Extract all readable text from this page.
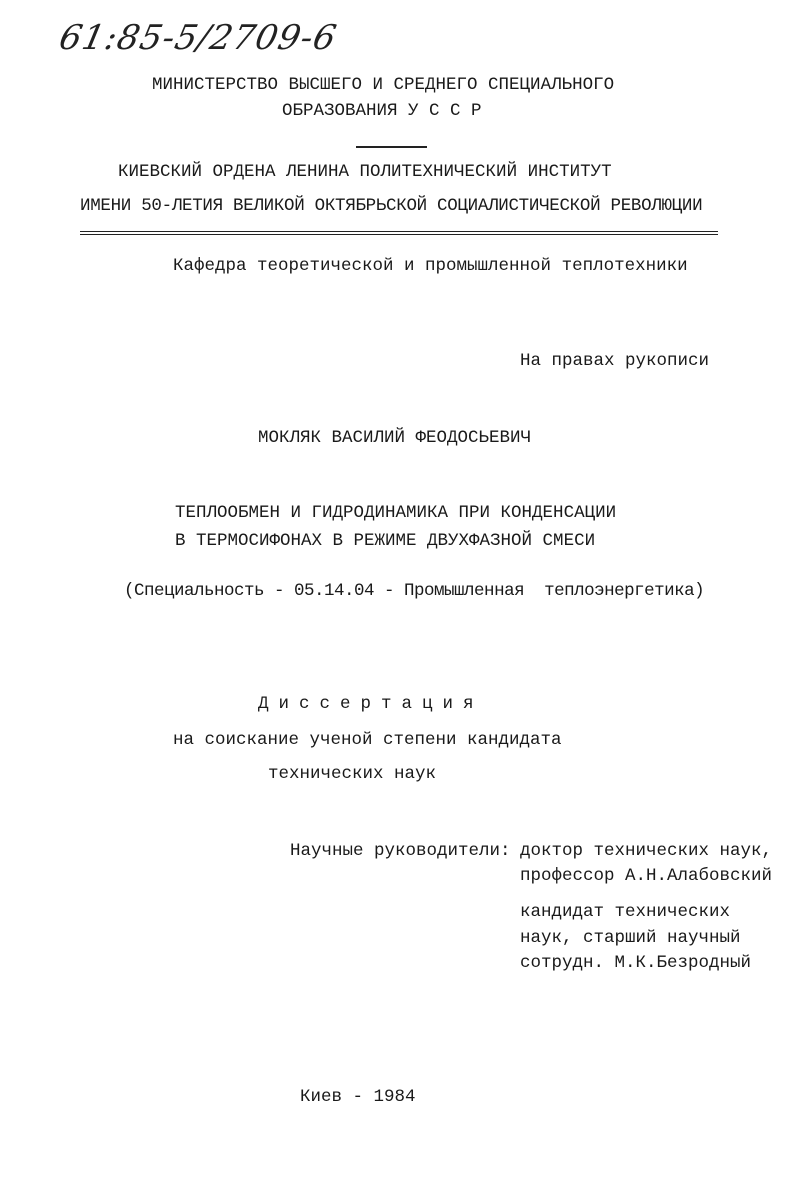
61:85-5/2709-6
МИНИСТЕРСТВО ВЫСШЕГО И СРЕДНЕГО СПЕЦИАЛЬНОГО
ОБРАЗОВАНИЯ У С С Р
КИЕВСКИЙ ОРДЕНА ЛЕНИНА ПОЛИТЕХНИЧЕСКИЙ ИНСТИТУТ
ИМЕНИ 50-ЛЕТИЯ ВЕЛИКОЙ ОКТЯБРЬСКОЙ СОЦИАЛИСТИЧЕСКОЙ РЕВОЛЮЦИИ
Кафедра теоретической и промышленной теплотехники
На правах рукописи
МОКЛЯК ВАСИЛИЙ ФЕОДОСЬЕВИЧ
ТЕПЛООБМЕН И ГИДРОДИНАМИКА ПРИ КОНДЕНСАЦИИ
В ТЕРМОСИФОНАХ В РЕЖИМЕ ДВУХФАЗНОЙ СМЕСИ
(Специальность - 05.14.04 - Промышленная  теплоэнергетика)
Диссертация
на соискание ученой степени кандидата
технических наук
Научные руководители: доктор технических наук,
профессор А.Н.Алабовский
кандидат технических
наук, старший научный
сотрудн. М.К.Безродный
Киев - 1984
